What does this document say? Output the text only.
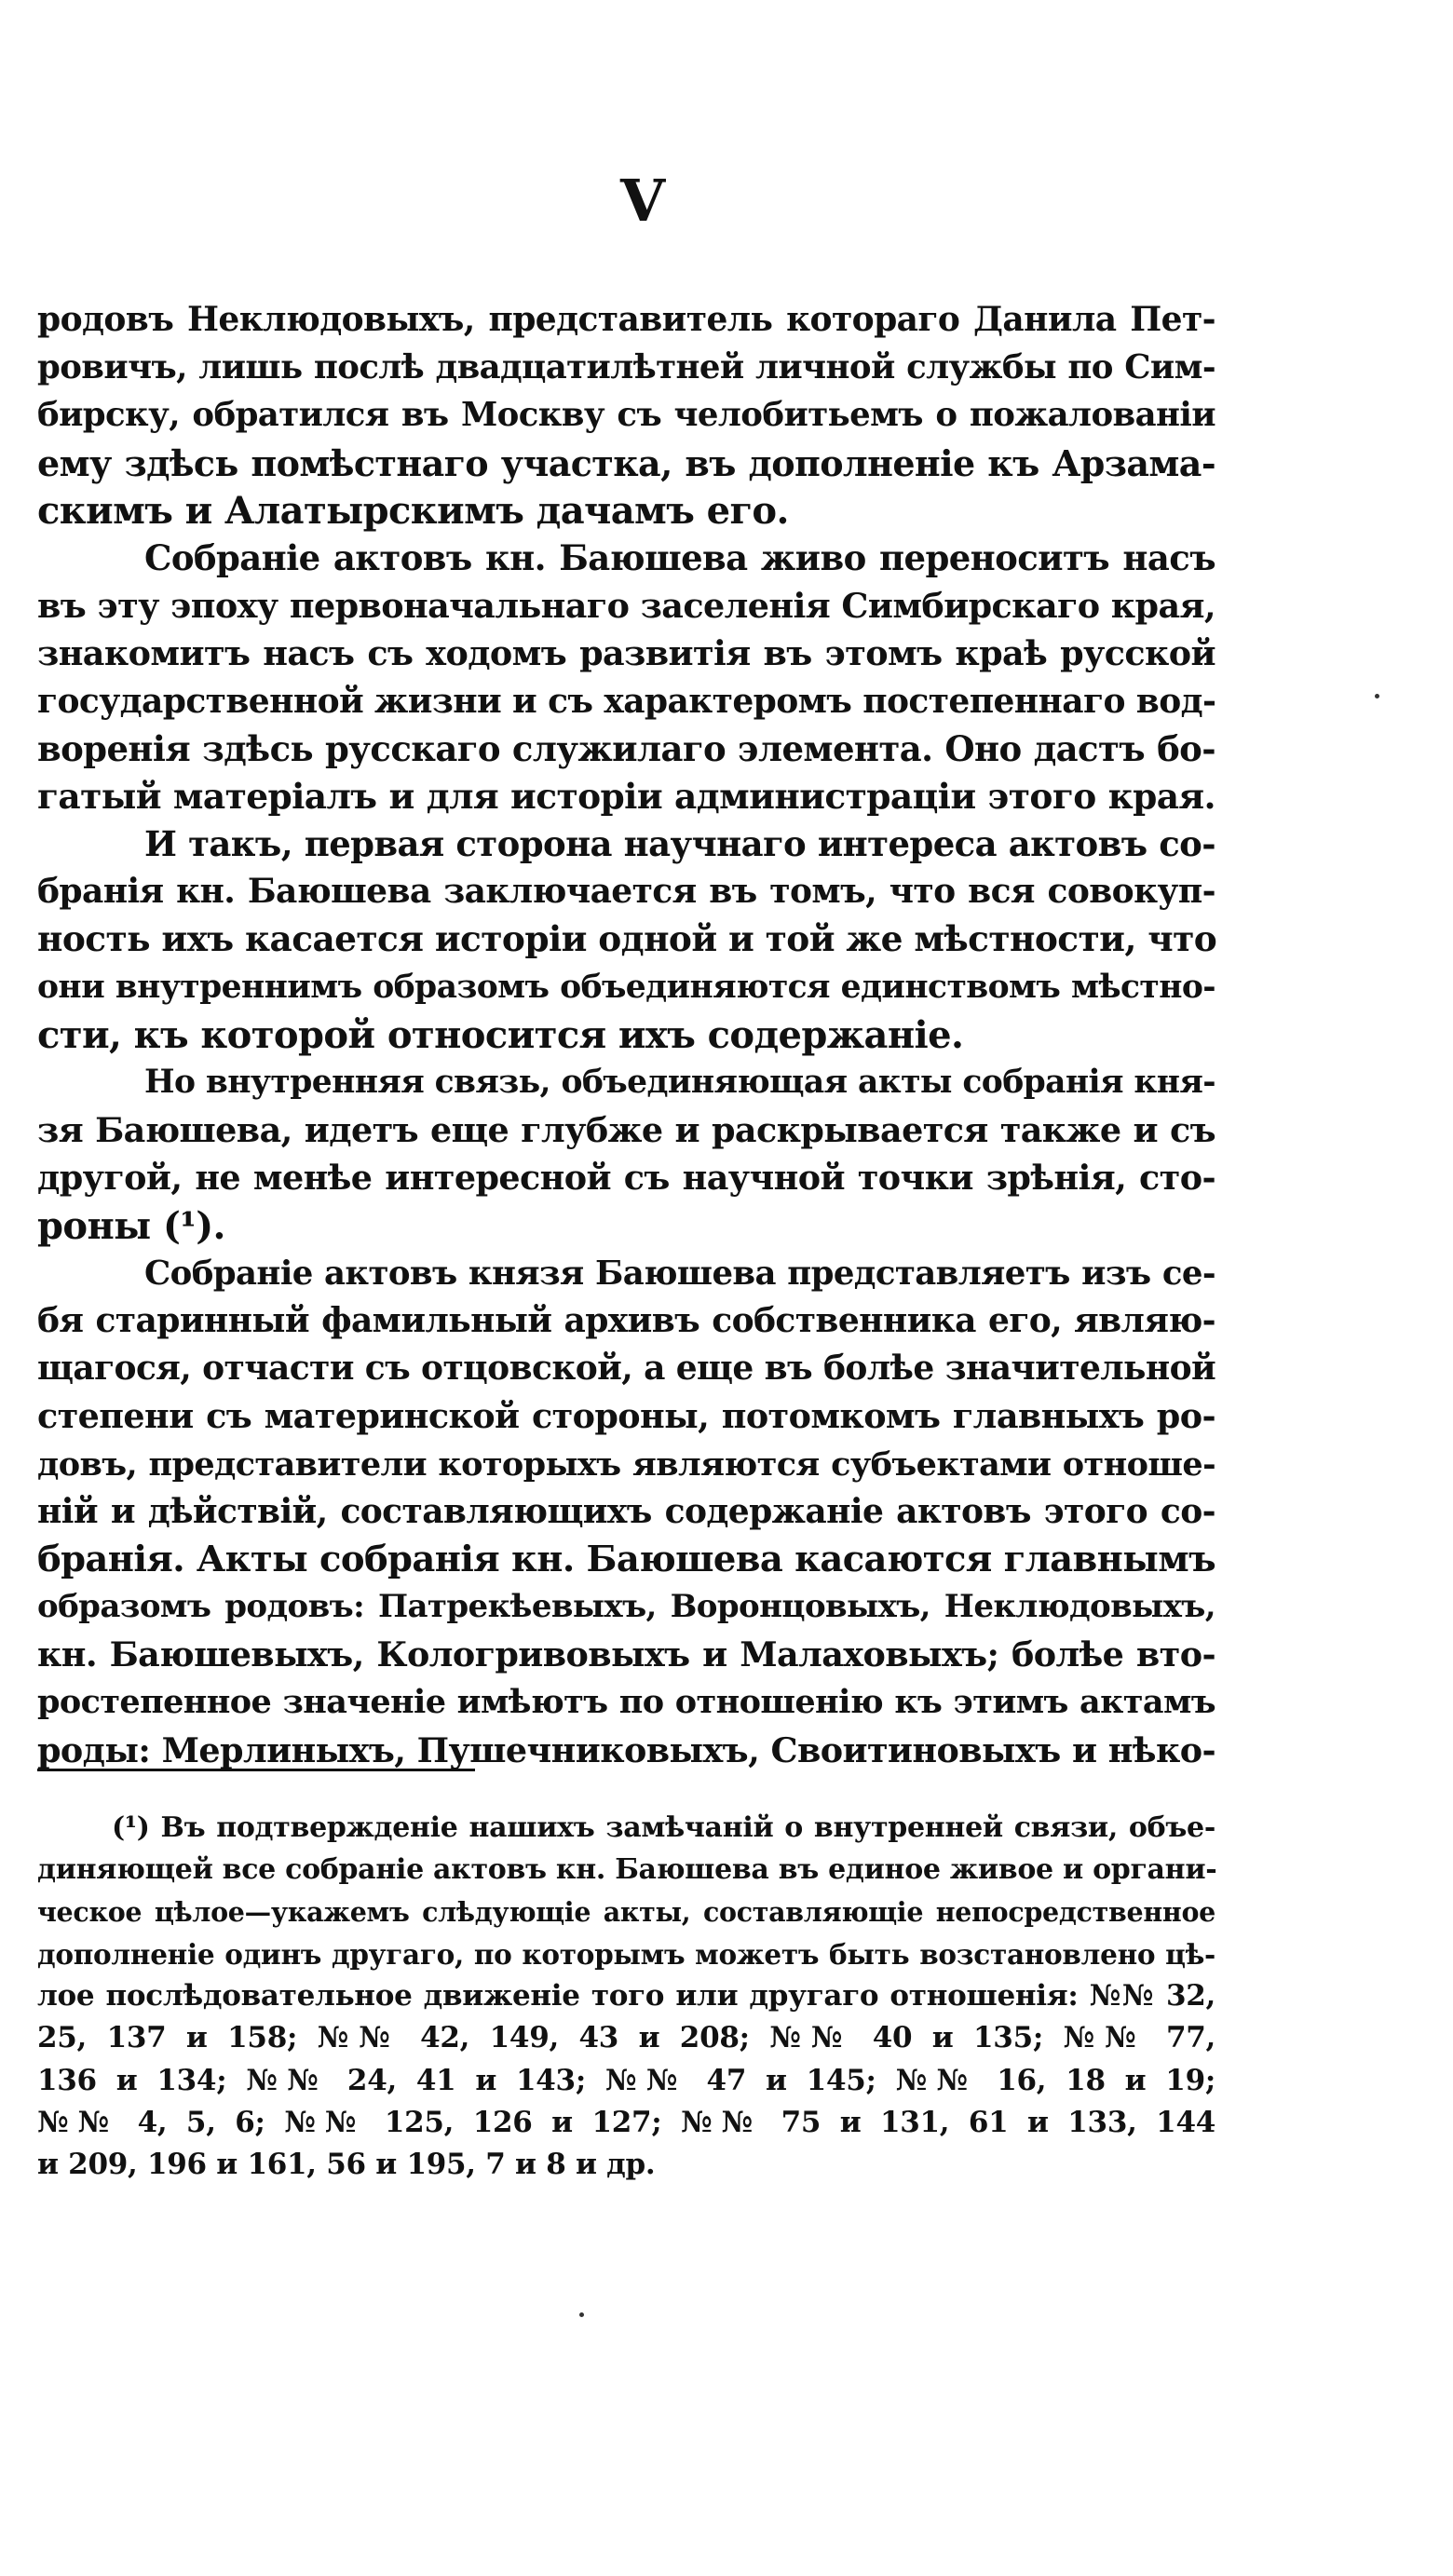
V
родовъ Неклюдовыхъ, представитель котораго Данила Пет-
ровичъ, лишь послѣ двадцатилѣтней личной службы по Сим-
бирску, обратился въ Москву съ челобитьемъ о пожалованіи
ему здѣсь помѣстнаго участка, въ дополненіе къ Арзама-
скимъ и Алатырскимъ дачамъ его.
Собраніе актовъ кн. Баюшева живо переноситъ насъ
въ эту эпоху первоначальнаго заселенія Симбирскаго края,
знакомитъ насъ съ ходомъ развитія въ этомъ краѣ русской
государственной жизни и съ характеромъ постепеннаго вод-
воренія здѣсь русскаго служилаго элемента. Оно дастъ бо-
гатый матеріалъ и для исторіи администраціи этого края.
И такъ, первая сторона научнаго интереса актовъ со-
бранія кн. Баюшева заключается въ томъ, что вся совокуп-
ность ихъ касается исторіи одной и той же мѣстности, что
они внутреннимъ образомъ объединяются единствомъ мѣстно-
сти, къ которой относится ихъ содержаніе.
Но внутренняя связь, объединяющая акты собранія кня-
зя Баюшева, идетъ еще глубже и раскрывается также и съ
другой, не менѣе интересной съ научной точки зрѣнія, сто-
роны (¹).
Собраніе актовъ князя Баюшева представляетъ изъ се-
бя старинный фамильный архивъ собственника его, являю-
щагося, отчасти съ отцовской, а еще въ болѣе значительной
степени съ материнской стороны, потомкомъ главныхъ ро-
довъ, представители которыхъ являются субъектами отноше-
ній и дѣйствій, составляющихъ содержаніе актовъ этого со-
бранія. Акты собранія кн. Баюшева касаются главнымъ
образомъ родовъ: Патрекѣевыхъ, Воронцовыхъ, Неклюдовыхъ,
кн. Баюшевыхъ, Кологривовыхъ и Малаховыхъ; болѣе вто-
ростепенное значеніе имѣютъ по отношенію къ этимъ актамъ
роды: Мерлиныхъ, Пушечниковыхъ, Своитиновыхъ и нѣко-
(¹) Въ подтвержденіе нашихъ замѣчаній о внутренней связи, объе-
диняющей все собраніе актовъ кн. Баюшева въ единое живое и органи-
ческое цѣлое—укажемъ слѣдующіе акты, составляющіе непосредственное
дополненіе одинъ другаго, по которымъ можетъ быть возстановлено цѣ-
лое послѣдовательное движеніе того или другаго отношенія: №№ 32,
25, 137 и 158; №№ 42, 149, 43 и 208; №№ 40 и 135; №№ 77,
136 и 134; №№ 24, 41 и 143; №№ 47 и 145; №№ 16, 18 и 19;
№№ 4, 5, 6; №№ 125, 126 и 127; №№ 75 и 131, 61 и 133, 144
и 209, 196 и 161, 56 и 195, 7 и 8 и др.
